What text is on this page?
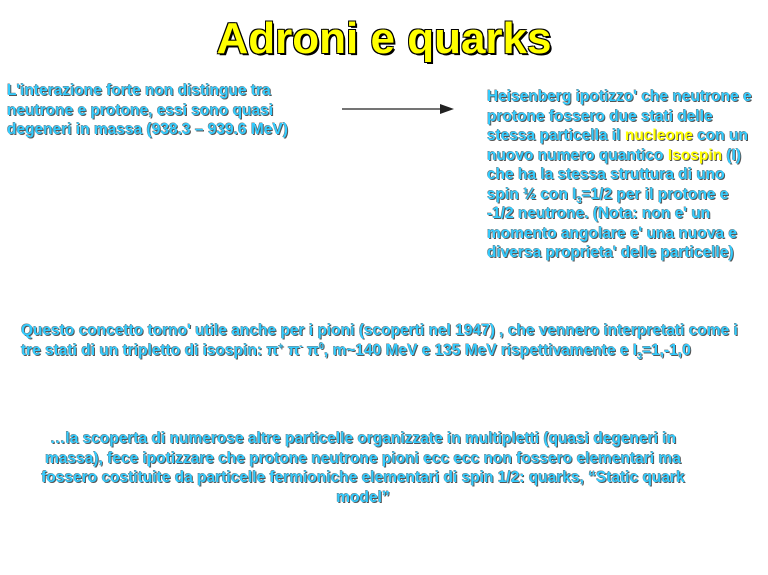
Adroni e quarks

L'interazione forte non distingue tra neutrone e protone, essi sono quasi degeneri in massa (938.3 – 939.6 MeV)

Heisenberg ipotizzo' che neutrone e protone fossero due stati delle stessa particella il nucleone con un nuovo numero quantico Isospin (I) che ha la stessa struttura di uno spin ½ con $I_3=1/2$ per il protone e -1/2 neutrone. (Nota: non e' un momento angolare e' una nuova e diversa proprieta' delle particelle)

Questo concetto torno' utile anche per i pioni (scoperti nel 1947) , che vennero interpretati come i tre stati di un tripletto di isospin: π+ π- $\pi^0$, m~140 MeV e 135 MeV rispettivamente e $I_3=1,-1,0$

…la scoperta di numerose altre particelle organizzate in multipletti (quasi degeneri in massa), fece ipotizzare che protone neutrone pioni ecc ecc non fossero elementari ma fossero costituite da particelle fermioniche elementari di spin 1/2: quarks, “Static quark model”
